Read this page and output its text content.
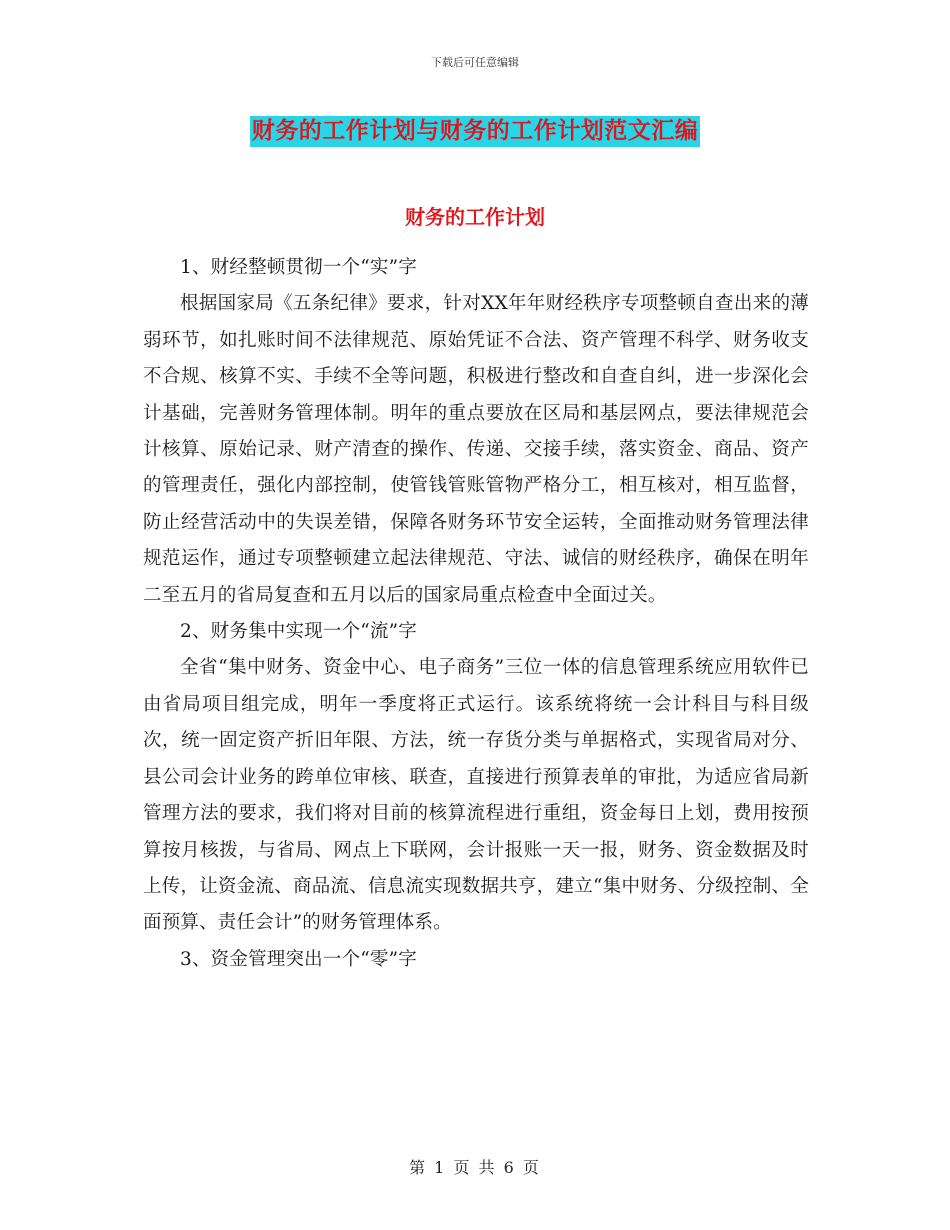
下载后可任意编辑
财务的工作计划与财务的工作计划范文汇编
财务的工作计划

1、财经整顿贯彻一个“实”字

根据国家局《五条纪律》要求，针对XX年年财经秩序专项整顿自查出来的薄弱环节，如扎账时间不法律规范、原始凭证不合法、资产管理不科学、财务收支不合规、核算不实、手续不全等问题，积极进行整改和自查自纠，进一步深化会计基础，完善财务管理体制。明年的重点要放在区局和基层网点，要法律规范会计核算、原始记录、财产清查的操作、传递、交接手续，落实资金、商品、资产的管理责任，强化内部控制，使管钱管账管物严格分工，相互核对，相互监督，防止经营活动中的失误差错，保障各财务环节安全运转，全面推动财务管理法律规范运作，通过专项整顿建立起法律规范、守法、诚信的财经秩序，确保在明年二至五月的省局复查和五月以后的国家局重点检查中全面过关。

2、财务集中实现一个“流”字

全省“集中财务、资金中心、电子商务”三位一体的信息管理系统应用软件已由省局项目组完成，明年一季度将正式运行。该系统将统一会计科目与科目级次，统一固定资产折旧年限、方法，统一存货分类与单据格式，实现省局对分、县公司会计业务的跨单位审核、联查，直接进行预算表单的审批，为适应省局新管理方法的要求，我们将对目前的核算流程进行重组，资金每日上划，费用按预算按月核拨，与省局、网点上下联网，会计报账一天一报，财务、资金数据及时上传，让资金流、商品流、信息流实现数据共亨，建立“集中财务、分级控制、全面预算、责任会计”的财务管理体系。

3、资金管理突出一个“零”字

第 1 页 共 6 页
